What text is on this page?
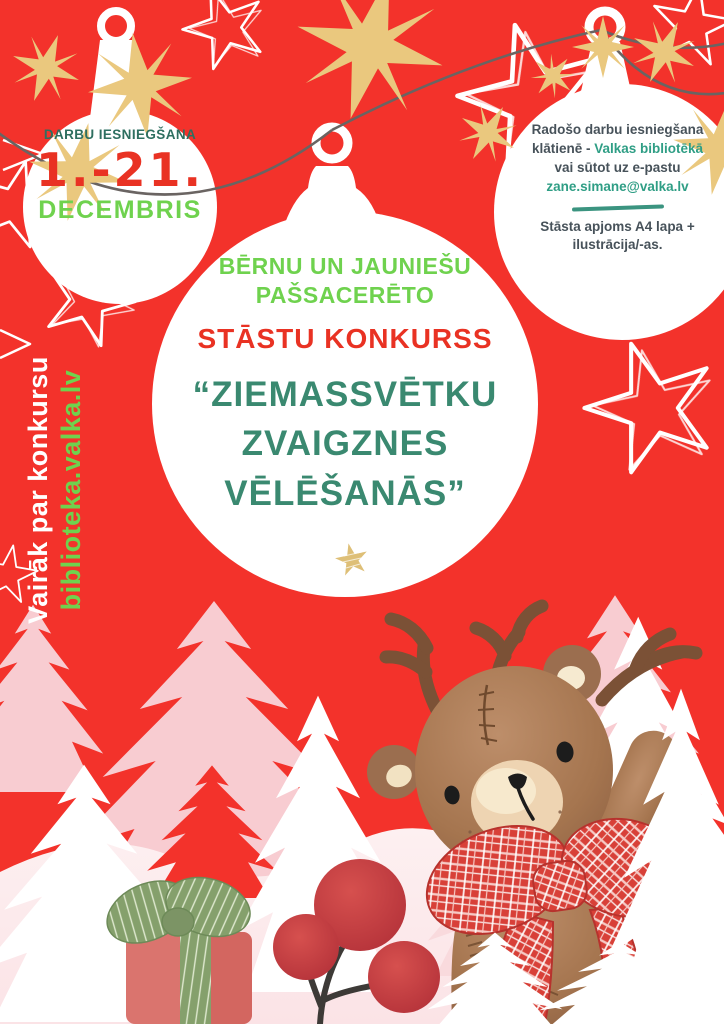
DARBU IESNIEGŠANA
1.-21.
DECEMBRIS
Radošo darbu iesniegšana
klātienē - Valkas bibliotēkā
vai sūtot uz e-pastu
zane.simane@valka.lv
Stāsta apjoms A4 lapa +
ilustrācija/-as.
BĒRNU UN JAUNIEŠU
PAŠSACERĒTO
STĀSTU KONKURSS
“ZIEMASSVĒTKU
ZVAIGZNES
VĒLĒŠANĀS”
Vairāk par konkursu biblioteka.valka.lv
